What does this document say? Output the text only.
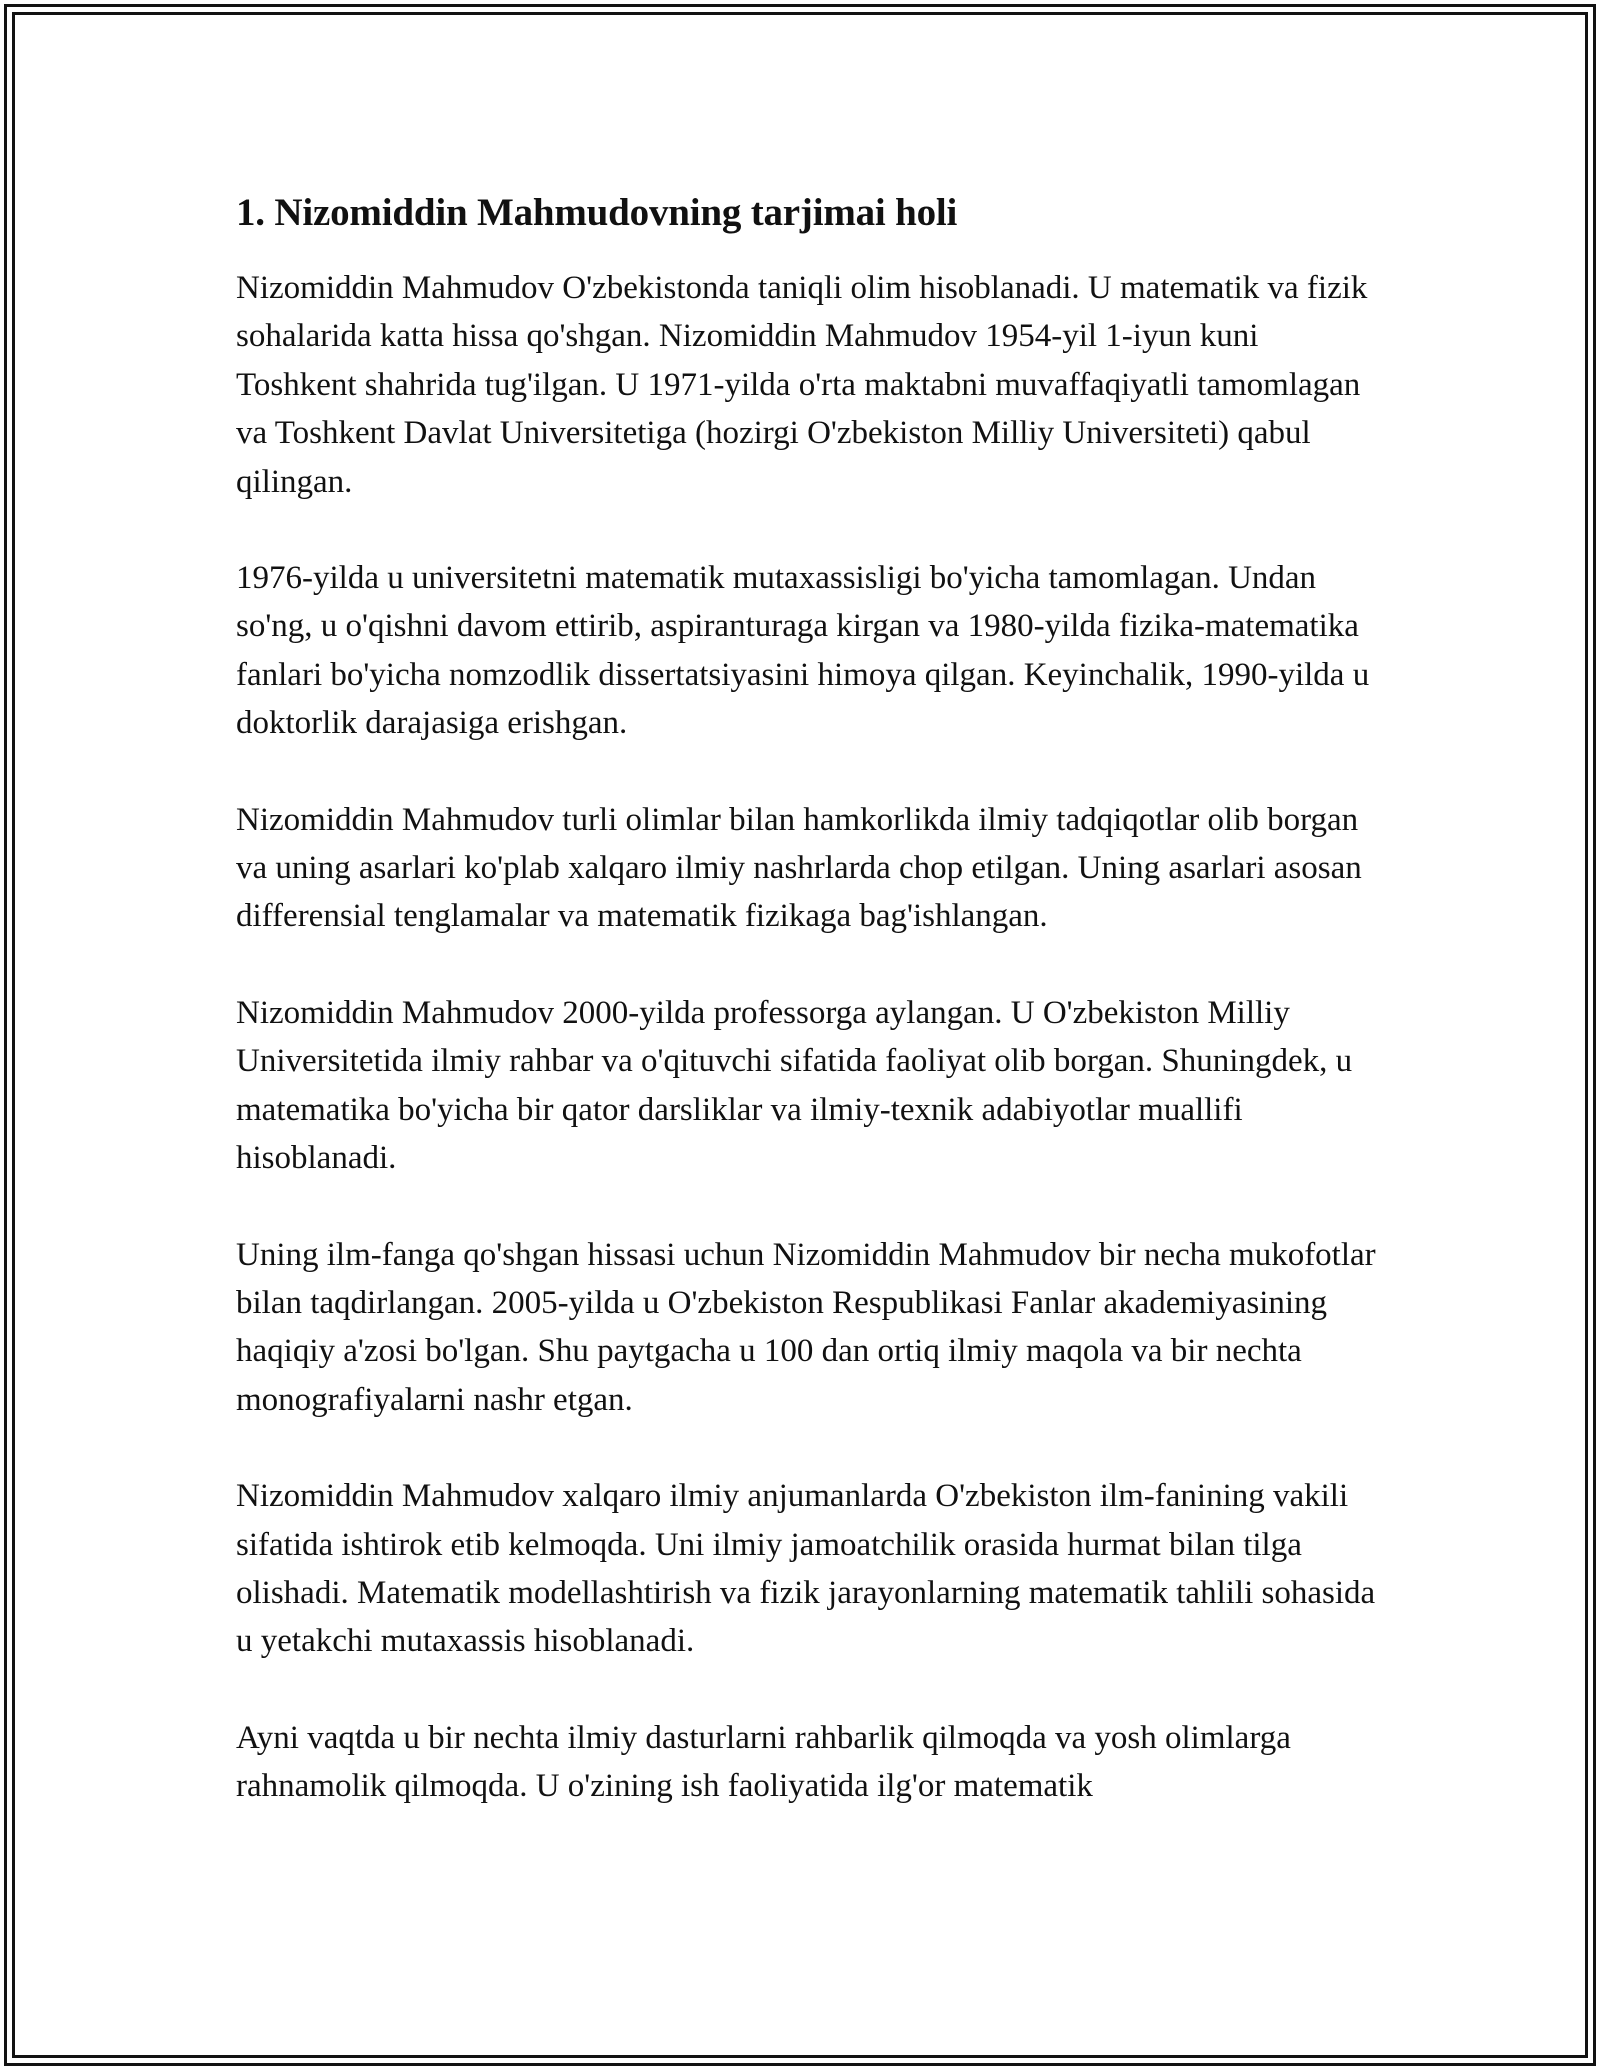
1. Nizomiddin Mahmudovning tarjimai holi

Nizomiddin Mahmudov O'zbekistonda taniqli olim hisoblanadi. U matematik va fizik sohalarida katta hissa qo'shgan. Nizomiddin Mahmudov 1954-yil 1-iyun kuni Toshkent shahrida tug'ilgan. U 1971-yilda o'rta maktabni muvaffaqiyatli tamomlagan va Toshkent Davlat Universitetiga (hozirgi O'zbekiston Milliy Universiteti) qabul qilingan.

1976-yilda u universitetni matematik mutaxassisligi bo'yicha tamomlagan. Undan so'ng, u o'qishni davom ettirib, aspiranturaga kirgan va 1980-yilda fizika-matematika fanlari bo'yicha nomzodlik dissertatsiyasini himoya qilgan. Keyinchalik, 1990-yilda u doktorlik darajasiga erishgan.

Nizomiddin Mahmudov turli olimlar bilan hamkorlikda ilmiy tadqiqotlar olib borgan va uning asarlari ko'plab xalqaro ilmiy nashrlarda chop etilgan. Uning asarlari asosan differensial tenglamalar va matematik fizikaga bag'ishlangan.

Nizomiddin Mahmudov 2000-yilda professorga aylangan. U O'zbekiston Milliy Universitetida ilmiy rahbar va o'qituvchi sifatida faoliyat olib borgan. Shuningdek, u matematika bo'yicha bir qator darsliklar va ilmiy-texnik adabiyotlar muallifi hisoblanadi.

Uning ilm-fanga qo'shgan hissasi uchun Nizomiddin Mahmudov bir necha mukofotlar bilan taqdirlangan. 2005-yilda u O'zbekiston Respublikasi Fanlar akademiyasining haqiqiy a'zosi bo'lgan. Shu paytgacha u 100 dan ortiq ilmiy maqola va bir nechta monografiyalarni nashr etgan.

Nizomiddin Mahmudov xalqaro ilmiy anjumanlarda O'zbekiston ilm-fanining vakili sifatida ishtirok etib kelmoqda. Uni ilmiy jamoatchilik orasida hurmat bilan tilga olishadi. Matematik modellashtirish va fizik jarayonlarning matematik tahlili sohasida u yetakchi mutaxassis hisoblanadi.

Ayni vaqtda u bir nechta ilmiy dasturlarni rahbarlik qilmoqda va yosh olimlarga rahnamolik qilmoqda. U o'zining ish faoliyatida ilg'or matematik
